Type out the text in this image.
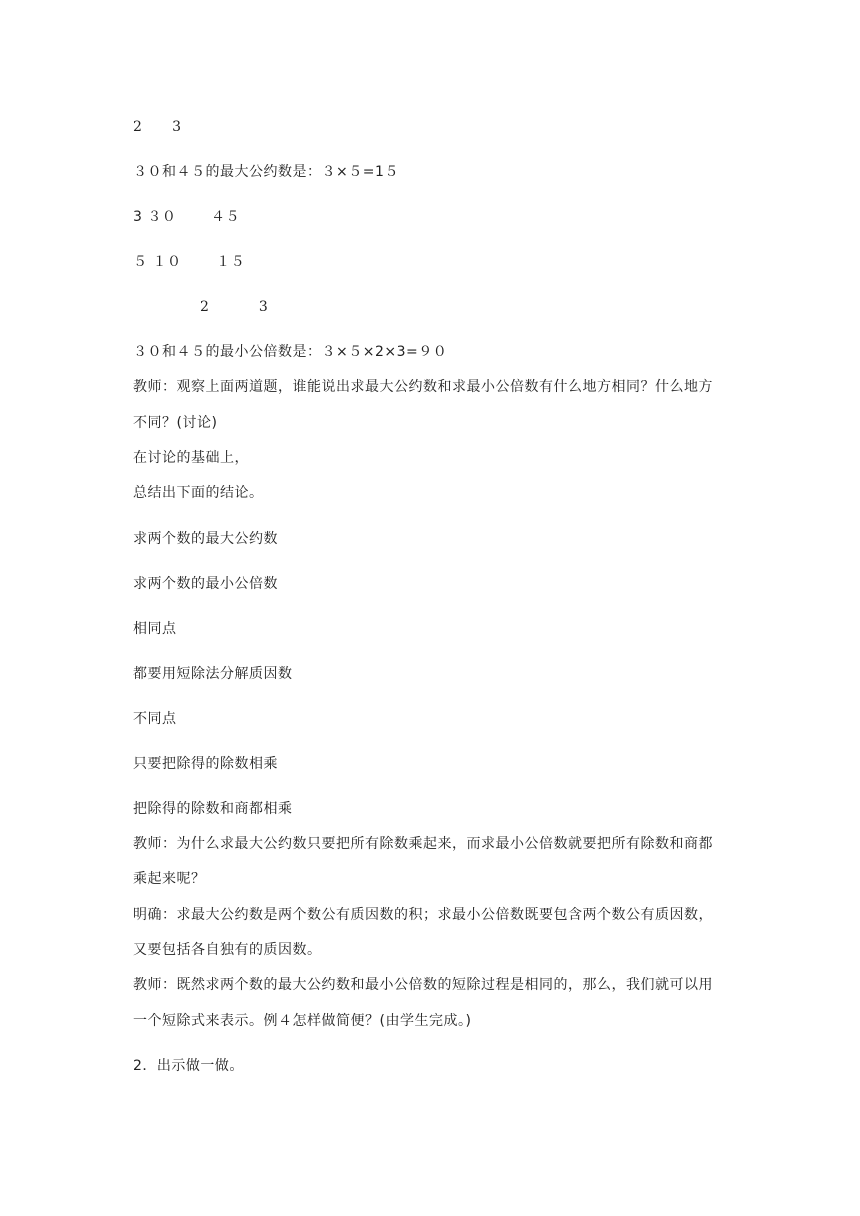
2      3
３０和４５的最大公约数是：３×５=1５
3 ３０       ４５
５ １０       １５
2          3
３０和４５的最小公倍数是：３×５×2×3=９０
教师：观察上面两道题，谁能说出求最大公约数和求最小公倍数有什么地方相同？什么地方
不同？(讨论)
在讨论的基础上，
总结出下面的结论。
求两个数的最大公约数
求两个数的最小公倍数
相同点
都要用短除法分解质因数
不同点
只要把除得的除数相乘
把除得的除数和商都相乘
教师：为什么求最大公约数只要把所有除数乘起来，而求最小公倍数就要把所有除数和商都
乘起来呢？
明确：求最大公约数是两个数公有质因数的积；求最小公倍数既要包含两个数公有质因数，
又要包括各自独有的质因数。
教师：既然求两个数的最大公约数和最小公倍数的短除过程是相同的，那么，我们就可以用
一个短除式来表示。例４怎样做简便？(由学生完成。)
2．出示做一做。
